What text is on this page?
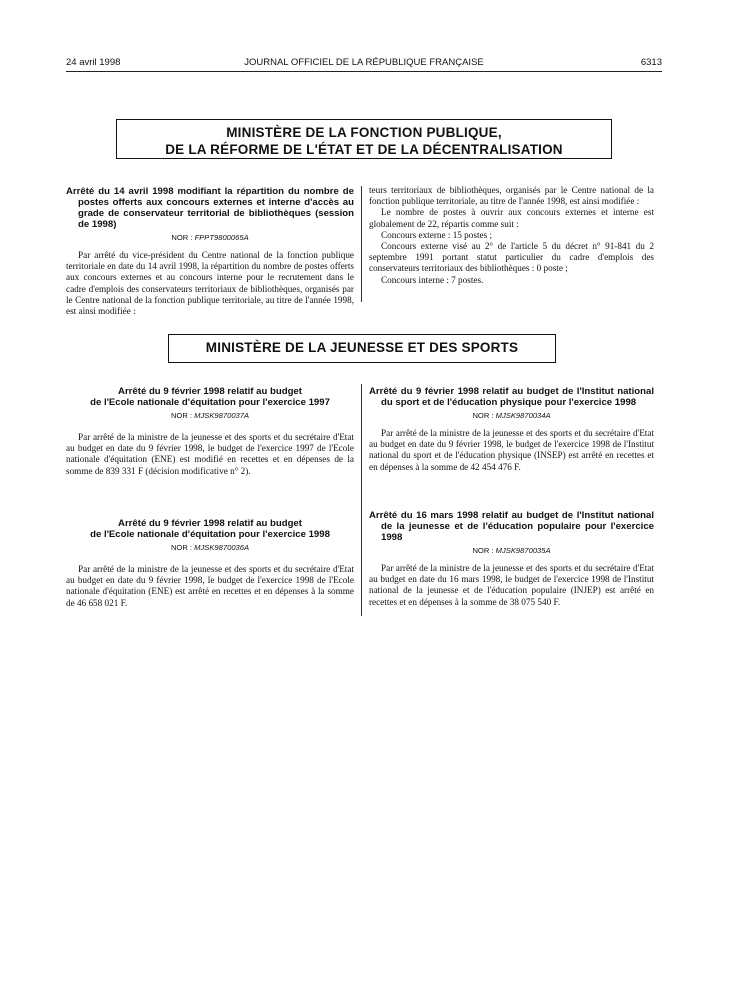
24 avril 1998	JOURNAL OFFICIEL DE LA RÉPUBLIQUE FRANÇAISE	6313
MINISTÈRE DE LA FONCTION PUBLIQUE,
DE LA RÉFORME DE L'ÉTAT ET DE LA DÉCENTRALISATION
Arrêté du 14 avril 1998 modifiant la répartition du nombre de postes offerts aux concours externes et interne d'accès au grade de conservateur territorial de bibliothèques (session de 1998)
NOR : FPPT9800065A

Par arrêté du vice-président du Centre national de la fonction publique territoriale en date du 14 avril 1998, la répartition du nombre de postes offerts aux concours externes et au concours interne pour le recrutement dans le cadre d'emplois des conservateurs territoriaux de bibliothèques, organisés par le Centre national de la fonction publique territoriale, au titre de l'année 1998, est ainsi modifiée :

teurs territoriaux de bibliothèques, organisés par le Centre national de la fonction publique territoriale, au titre de l'année 1998, est ainsi modifiée :

Le nombre de postes à ouvrir aux concours externes et interne est globalement de 22, répartis comme suit :

Concours externe : 15 postes ;

Concours externe visé au 2° de l'article 5 du décret n° 91-841 du 2 septembre 1991 portant statut particulier du cadre d'emplois des conservateurs territoriaux des bibliothèques : 0 poste ;

Concours interne : 7 postes.

MINISTÈRE DE LA JEUNESSE ET DES SPORTS
Arrêté du 9 février 1998 relatif au budget
de l'Ecole nationale d'équitation pour l'exercice 1997
NOR : MJSK9870037A

Par arrêté de la ministre de la jeunesse et des sports et du secrétaire d'Etat au budget en date du 9 février 1998, le budget de l'exercice 1997 de l'Ecole nationale d'équitation (ENE) est modifié en recettes et en dépenses de la somme de 839 331 F (décision modificative n° 2).

Arrêté du 9 février 1998 relatif au budget
de l'Ecole nationale d'équitation pour l'exercice 1998
NOR : MJSK9870036A

Par arrêté de la ministre de la jeunesse et des sports et du secrétaire d'Etat au budget en date du 9 février 1998, le budget de l'exercice 1998 de l'Ecole nationale d'équitation (ENE) est arrêté en recettes et en dépenses à la somme de 46 658 021 F.

Arrêté du 9 février 1998 relatif au budget de l'Institut national du sport et de l'éducation physique pour l'exercice 1998
NOR : MJSK9870034A

Par arrêté de la ministre de la jeunesse et des sports et du secrétaire d'Etat au budget en date du 9 février 1998, le budget de l'exercice 1998 de l'Institut national du sport et de l'éducation physique (INSEP) est arrêté en recettes et en dépenses à la somme de 42 454 476 F.

Arrêté du 16 mars 1998 relatif au budget de l'Institut national de la jeunesse et de l'éducation populaire pour l'exercice 1998
NOR : MJSK9870035A

Par arrêté de la ministre de la jeunesse et des sports et du secrétaire d'Etat au budget en date du 16 mars 1998, le budget de l'exercice 1998 de l'Institut national de la jeunesse et de l'éducation populaire (INJEP) est arrêté en recettes et en dépenses à la somme de 38 075 540 F.
